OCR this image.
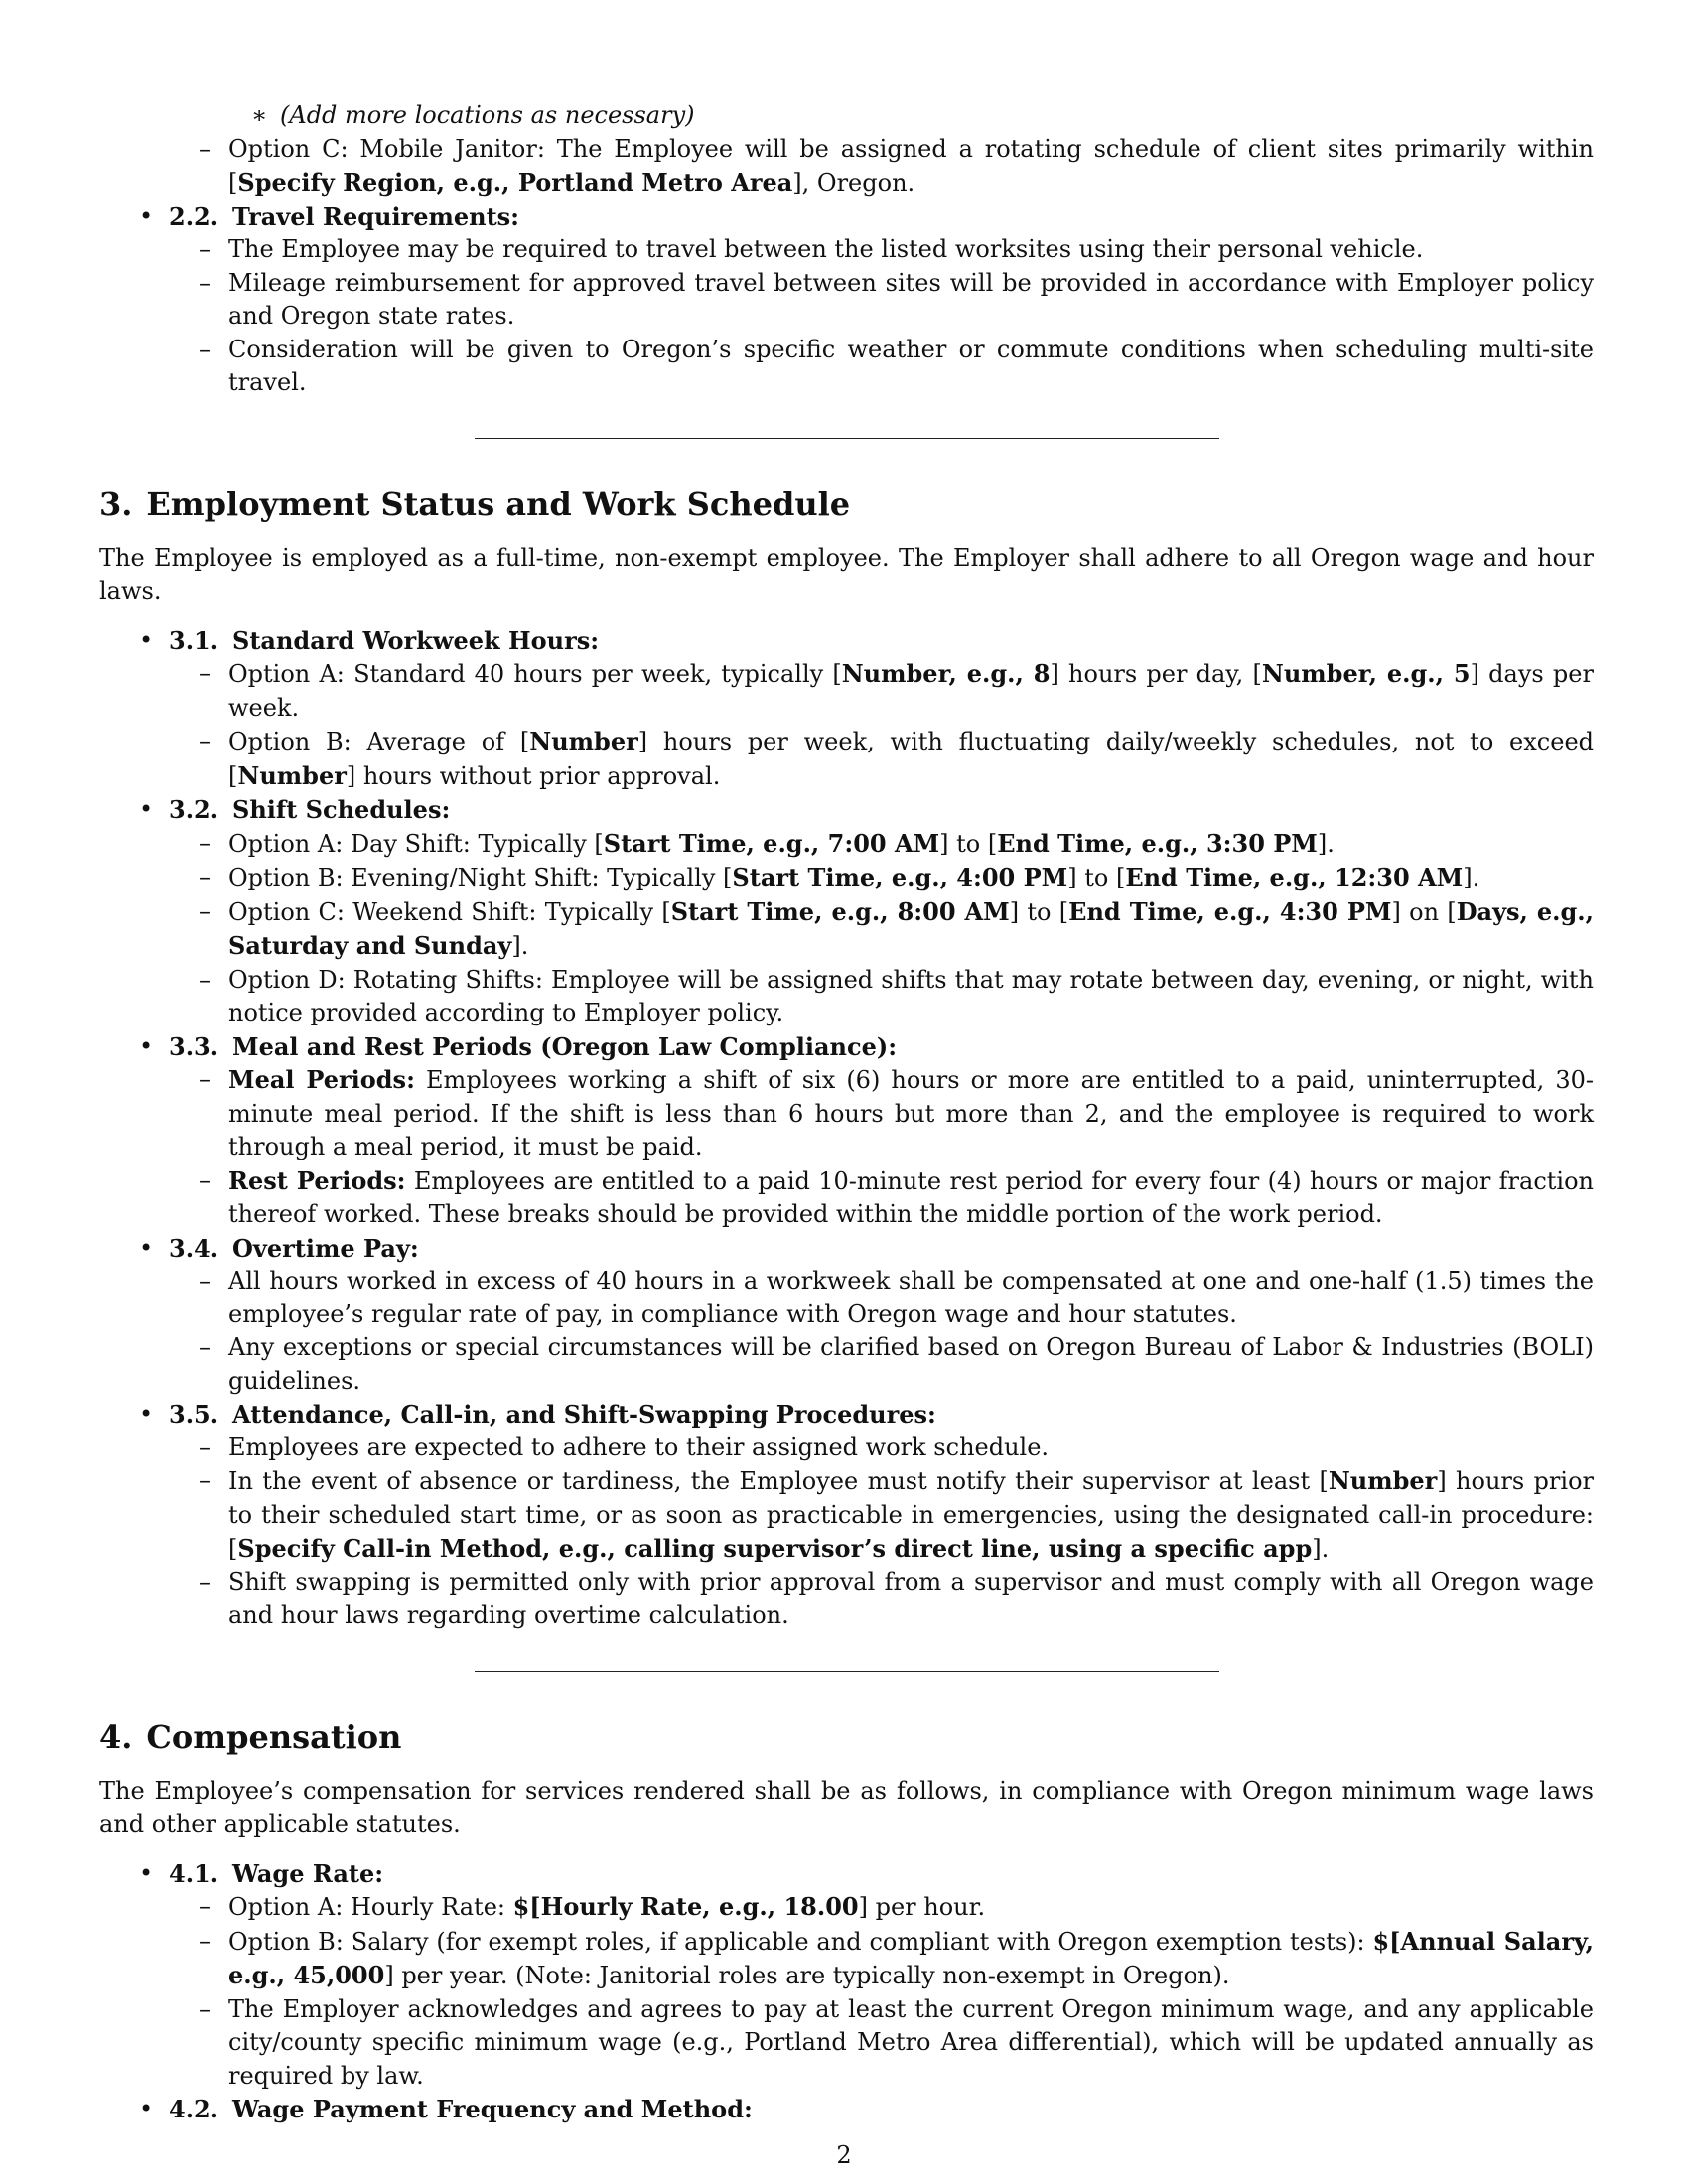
∗ (Add more locations as necessary)
– Option C: Mobile Janitor: The Employee will be assigned a rotating schedule of client sites primarily within [Specify Region, e.g., Portland Metro Area], Oregon.
• 2.2. Travel Requirements:
– The Employee may be required to travel between the listed worksites using their personal vehicle.
– Mileage reimbursement for approved travel between sites will be provided in accordance with Employer policy and Oregon state rates.
– Consideration will be given to Oregon’s specific weather or commute conditions when scheduling multi-site travel.
3. Employment Status and Work Schedule
The Employee is employed as a full-time, non-exempt employee. The Employer shall adhere to all Oregon wage and hour laws.
• 3.1. Standard Workweek Hours:
– Option A: Standard 40 hours per week, typically [Number, e.g., 8] hours per day, [Number, e.g., 5] days per week.
– Option B: Average of [Number] hours per week, with fluctuating daily/weekly schedules, not to exceed [Number] hours without prior approval.
• 3.2. Shift Schedules:
– Option A: Day Shift: Typically [Start Time, e.g., 7:00 AM] to [End Time, e.g., 3:30 PM].
– Option B: Evening/Night Shift: Typically [Start Time, e.g., 4:00 PM] to [End Time, e.g., 12:30 AM].
– Option C: Weekend Shift: Typically [Start Time, e.g., 8:00 AM] to [End Time, e.g., 4:30 PM] on [Days, e.g., Saturday and Sunday].
– Option D: Rotating Shifts: Employee will be assigned shifts that may rotate between day, evening, or night, with notice provided according to Employer policy.
• 3.3. Meal and Rest Periods (Oregon Law Compliance):
– Meal Periods: Employees working a shift of six (6) hours or more are entitled to a paid, uninterrupted, 30-minute meal period. If the shift is less than 6 hours but more than 2, and the employee is required to work through a meal period, it must be paid.
– Rest Periods: Employees are entitled to a paid 10-minute rest period for every four (4) hours or major fraction thereof worked. These breaks should be provided within the middle portion of the work period.
• 3.4. Overtime Pay:
– All hours worked in excess of 40 hours in a workweek shall be compensated at one and one-half (1.5) times the employee’s regular rate of pay, in compliance with Oregon wage and hour statutes.
– Any exceptions or special circumstances will be clarified based on Oregon Bureau of Labor & Industries (BOLI) guidelines.
• 3.5. Attendance, Call-in, and Shift-Swapping Procedures:
– Employees are expected to adhere to their assigned work schedule.
– In the event of absence or tardiness, the Employee must notify their supervisor at least [Number] hours prior to their scheduled start time, or as soon as practicable in emergencies, using the designated call-in procedure: [Specify Call-in Method, e.g., calling supervisor’s direct line, using a specific app].
– Shift swapping is permitted only with prior approval from a supervisor and must comply with all Oregon wage and hour laws regarding overtime calculation.
4. Compensation
The Employee’s compensation for services rendered shall be as follows, in compliance with Oregon minimum wage laws and other applicable statutes.
• 4.1. Wage Rate:
– Option A: Hourly Rate: $[Hourly Rate, e.g., 18.00] per hour.
– Option B: Salary (for exempt roles, if applicable and compliant with Oregon exemption tests): $[Annual Salary, e.g., 45,000] per year. (Note: Janitorial roles are typically non-exempt in Oregon).
– The Employer acknowledges and agrees to pay at least the current Oregon minimum wage, and any applicable city/county specific minimum wage (e.g., Portland Metro Area differential), which will be updated annually as required by law.
• 4.2. Wage Payment Frequency and Method:
2
